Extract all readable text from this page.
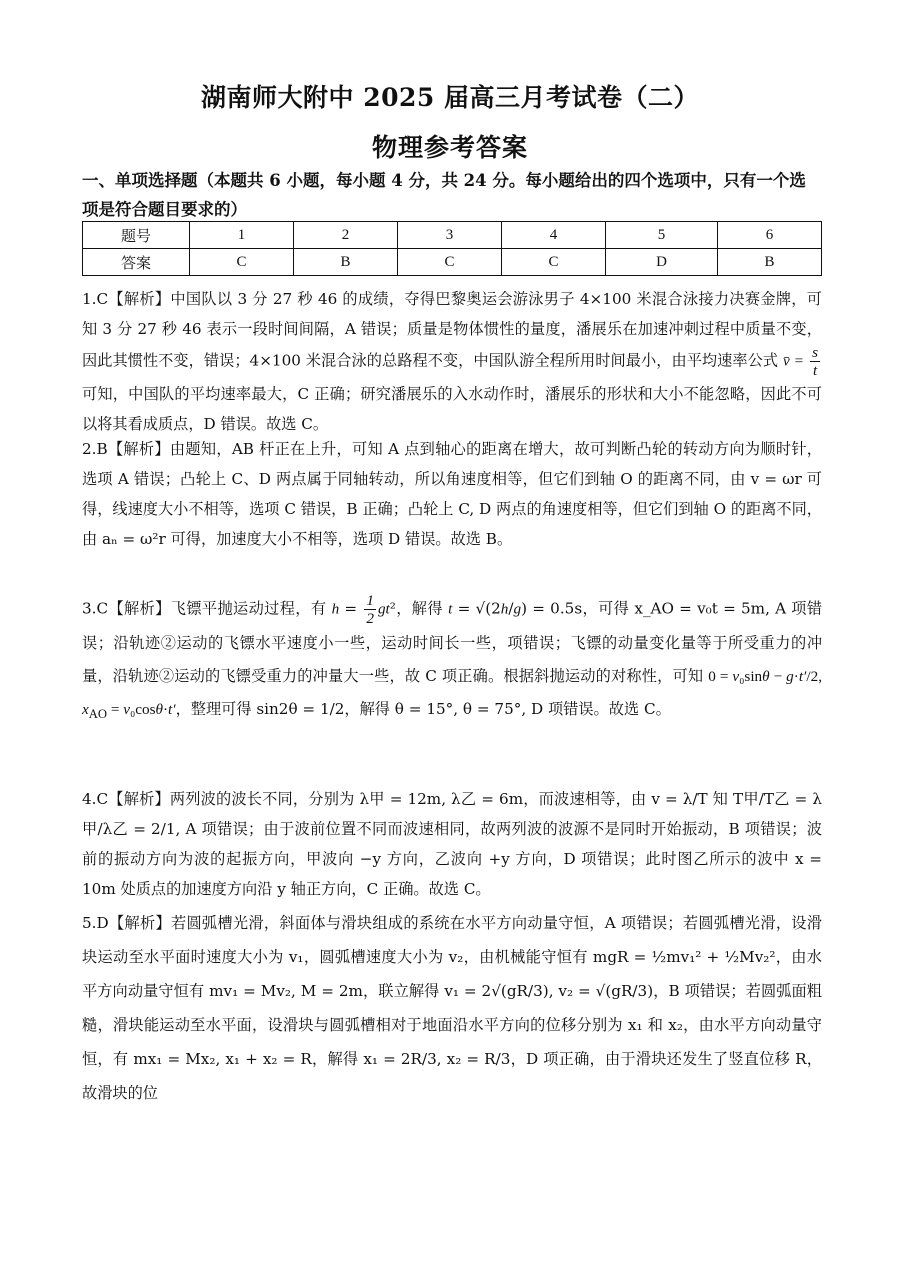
湖南师大附中 2025 届高三月考试卷（二）
物理参考答案
一、单项选择题（本题共 6 小题，每小题 4 分，共 24 分。每小题给出的四个选项中，只有一个选项是符合题目要求的）
题号	1	2	3	4	5	6
答案	C	B	C	C	D	B
1.C【解析】中国队以 3 分 27 秒 46 的成绩，夺得巴黎奥运会游泳男子 4×100 米混合泳接力决赛金牌，可知 3 分 27 秒 46 表示一段时间间隔，A 错误；质量是物体惯性的量度，潘展乐在加速冲刺过程中质量不变，因此其惯性不变，错误；4×100 米混合泳的总路程不变，中国队游全程所用时间最小，由平均速率公式 v̄ = $\frac{s}{t}$
可知，中国队的平均速率最大，C 正确；研究潘展乐的入水动作时，潘展乐的形状和大小不能忽略，因此不可以将其看成质点，D 错误。故选 C。
2.B【解析】由题知，AB 杆正在上升，可知 A 点到轴心的距离在增大，故可判断凸轮的转动方向为顺时针，选项 A 错误；凸轮上 C、D 两点属于同轴转动，所以角速度相等，但它们到轴 O 的距离不同，由 v = ωr 可得，线速度大小不相等，选项 C 错误，B 正确；凸轮上 C, D 两点的角速度相等，但它们到轴 O 的距离不同，由 aₙ = ω²r 可得，加速度大小不相等，选项 D 错误。故选 B。
3.C【解析】飞镖平抛运动过程，有 $h = \frac{1}{2} gt^2$，解得 t = √(2h/g) = 0.5s，可得 x_AO = v₀t = 5m, A 项错误；沿轨迹②运动的飞镖水平速度小一些，运动时间长一些，项错误；飞镖的动量变化量等于所受重力的冲量，沿轨迹②运动的飞镖受重力的冲量大一些，故 C 项正确。根据斜抛运动的对称性，可知 0 = v₀sinθ − g·t′/2, $x_{AO} = v_0\cos\theta\cdot t'$，整理可得 sin2θ = 1/2，解得 θ = 15°, θ = 75°, D 项错误。故选 C。
4.C【解析】两列波的波长不同，分别为 λ甲 = 12m, λ乙 = 6m，而波速相等，由 v = λ/T 知 T甲/T乙 = λ甲/λ乙 = 2/1, A 项错误；由于波前位置不同而波速相同，故两列波的波源不是同时开始振动，B 项错误；波前的振动方向为波的起振方向，甲波向 −y 方向，乙波向 +y 方向，D 项错误；此时图乙所示的波中 x = 10m 处质点的加速度方向沿 y 轴正方向，C 正确。故选 C。
5.D【解析】若圆弧槽光滑，斜面体与滑块组成的系统在水平方向动量守恒，A 项错误；若圆弧槽光滑，设滑块运动至水平面时速度大小为 v₁，圆弧槽速度大小为 v₂，由机械能守恒有 mgR = ½mv₁² + ½Mv₂²，由水平方向动量守恒有 mv₁ = Mv₂, M = 2m，联立解得 v₁ = 2√(gR/3), v₂ = √(gR/3)，B 项错误；若圆弧面粗糙，滑块能运动至水平面，设滑块与圆弧槽相对于地面沿水平方向的位移分别为 x₁ 和 x₂，由水平方向动量守恒，有 mx₁ = Mx₂, x₁ + x₂ = R，解得 x₁ = 2R/3, x₂ = R/3，D 项正确，由于滑块还发生了竖直位移 R，故滑块的位
